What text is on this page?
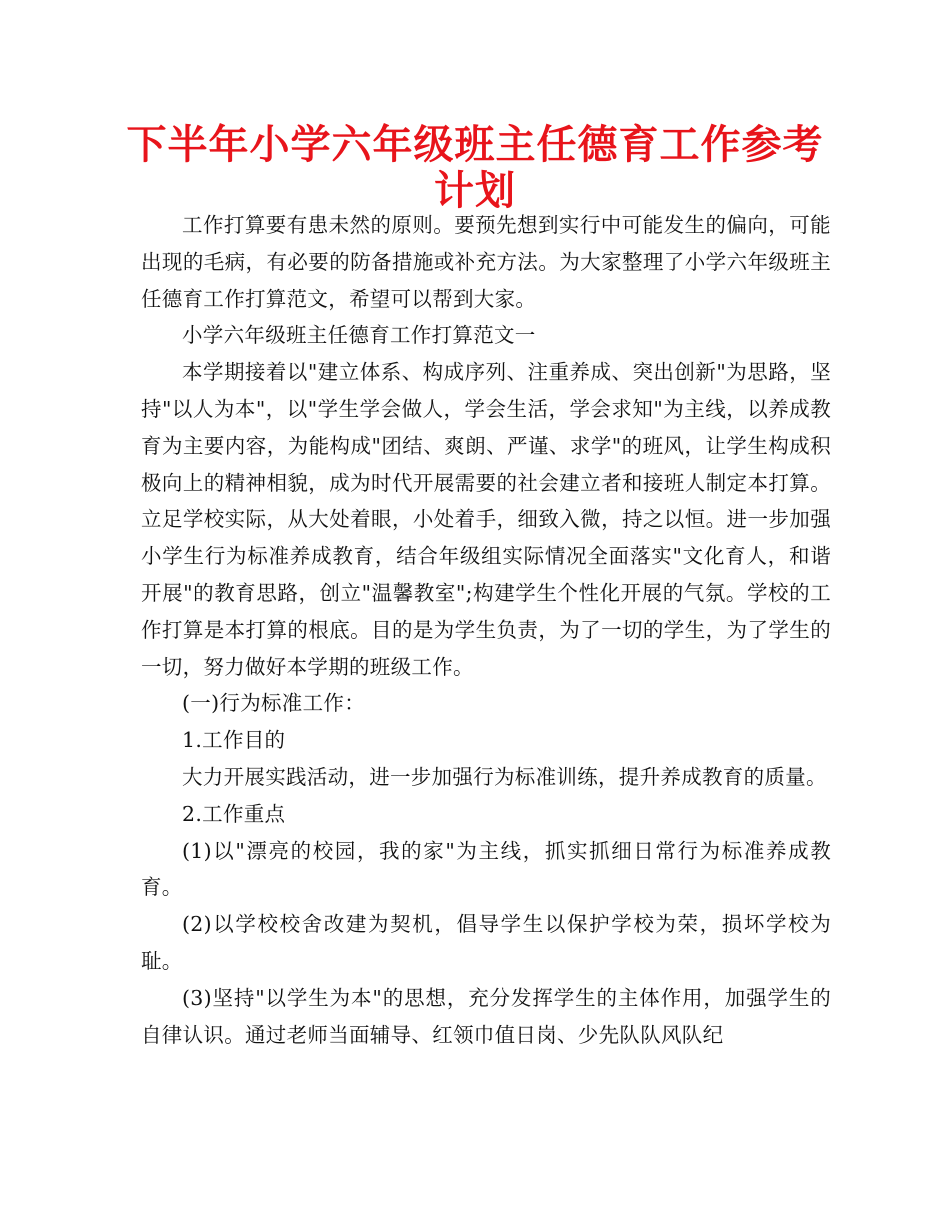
下半年小学六年级班主任德育工作参考计划

工作打算要有患未然的原则。要预先想到实行中可能发生的偏向，可能出现的毛病，有必要的防备措施或补充方法。为大家整理了小学六年级班主任德育工作打算范文，希望可以帮到大家。

小学六年级班主任德育工作打算范文一

本学期接着以"建立体系、构成序列、注重养成、突出创新"为思路，坚持"以人为本"，以"学生学会做人，学会生活，学会求知"为主线，以养成教育为主要内容，为能构成"团结、爽朗、严谨、求学"的班风，让学生构成积极向上的精神相貌，成为时代开展需要的社会建立者和接班人制定本打算。立足学校实际，从大处着眼，小处着手，细致入微，持之以恒。进一步加强小学生行为标准养成教育，结合年级组实际情况全面落实"文化育人，和谐开展"的教育思路，创立"温馨教室";构建学生个性化开展的气氛。学校的工作打算是本打算的根底。目的是为学生负责，为了一切的学生，为了学生的一切，努力做好本学期的班级工作。

(一)行为标准工作：

1.工作目的

大力开展实践活动，进一步加强行为标准训练，提升养成教育的质量。

2.工作重点

(1)以"漂亮的校园，我的家"为主线，抓实抓细日常行为标准养成教育。

(2)以学校校舍改建为契机，倡导学生以保护学校为荣，损坏学校为耻。

(3)坚持"以学生为本"的思想，充分发挥学生的主体作用，加强学生的自律认识。通过老师当面辅导、红领巾值日岗、少先队队风队纪
